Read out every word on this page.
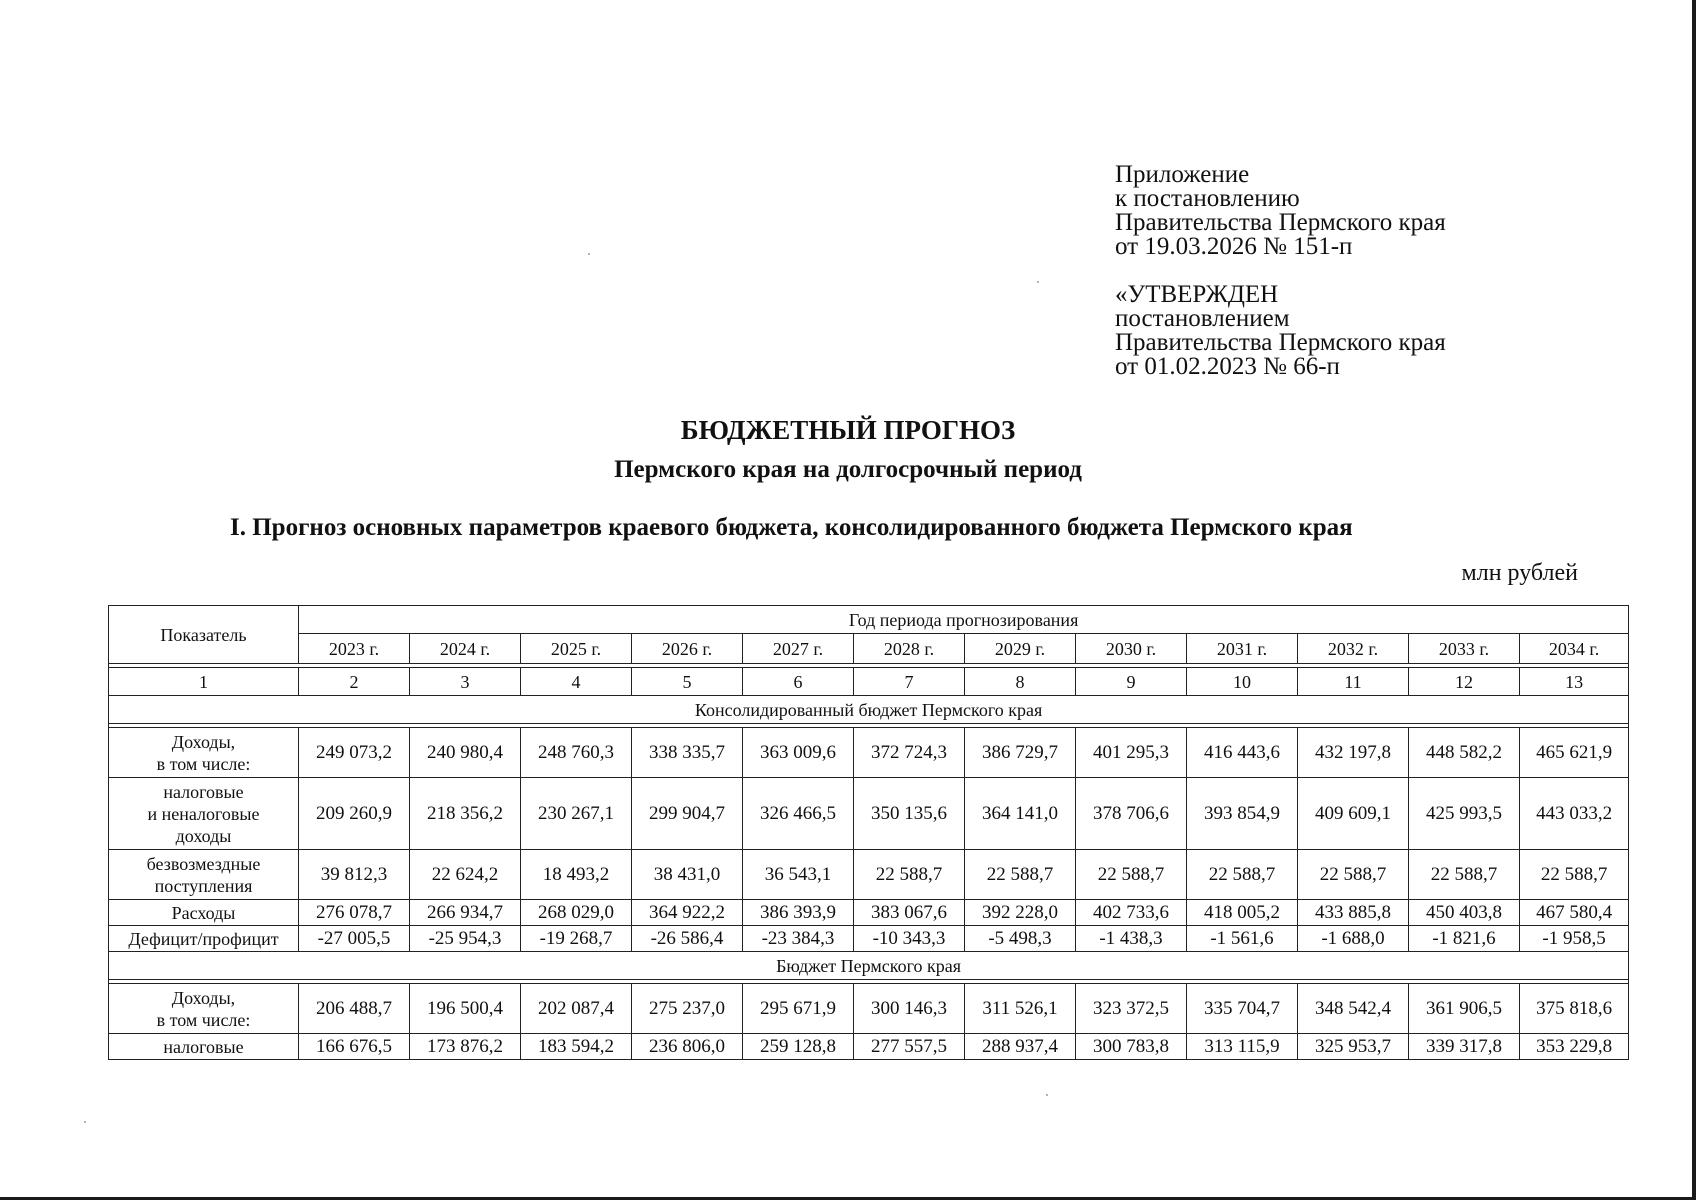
Приложение
к постановлению
Правительства Пермского края
от 19.03.2026 № 151-п
«УТВЕРЖДЕН
постановлением
Правительства Пермского края
от 01.02.2023 № 66-п
БЮДЖЕТНЫЙ ПРОГНОЗ
Пермского края на долгосрочный период
I. Прогноз основных параметров краевого бюджета, консолидированного бюджета Пермского края
млн рублей
Показатель	Год периода прогнозирования											
	2023 г.	2024 г.	2025 г.	2026 г.	2027 г.	2028 г.	2029 г.	2030 г.	2031 г.	2032 г.	2033 г.	2034 г.

1	2	3	4	5	6	7	8	9	10	11	12	13
Консолидированный бюджет Пермского края												

Доходы,
в том числе:	249 073,2	240 980,4	248 760,3	338 335,7	363 009,6	372 724,3	386 729,7	401 295,3	416 443,6	432 197,8	448 582,2	465 621,9

налоговые
и неналоговые
доходы	209 260,9	218 356,2	230 267,1	299 904,7	326 466,5	350 135,6	364 141,0	378 706,6	393 854,9	409 609,1	425 993,5	443 033,2

безвозмездные
поступления	39 812,3	22 624,2	18 493,2	38 431,0	36 543,1	22 588,7	22 588,7	22 588,7	22 588,7	22 588,7	22 588,7	22 588,7

Расходы	276 078,7	266 934,7	268 029,0	364 922,2	386 393,9	383 067,6	392 228,0	402 733,6	418 005,2	433 885,8	450 403,8	467 580,4

Дефицит/профицит	-27 005,5	-25 954,3	-19 268,7	-26 586,4	-23 384,3	-10 343,3	-5 498,3	-1 438,3	-1 561,6	-1 688,0	-1 821,6	-1 958,5
Бюджет Пермского края												

Доходы,
в том числе:	206 488,7	196 500,4	202 087,4	275 237,0	295 671,9	300 146,3	311 526,1	323 372,5	335 704,7	348 542,4	361 906,5	375 818,6

налоговые	166 676,5	173 876,2	183 594,2	236 806,0	259 128,8	277 557,5	288 937,4	300 783,8	313 115,9	325 953,7	339 317,8	353 229,8
